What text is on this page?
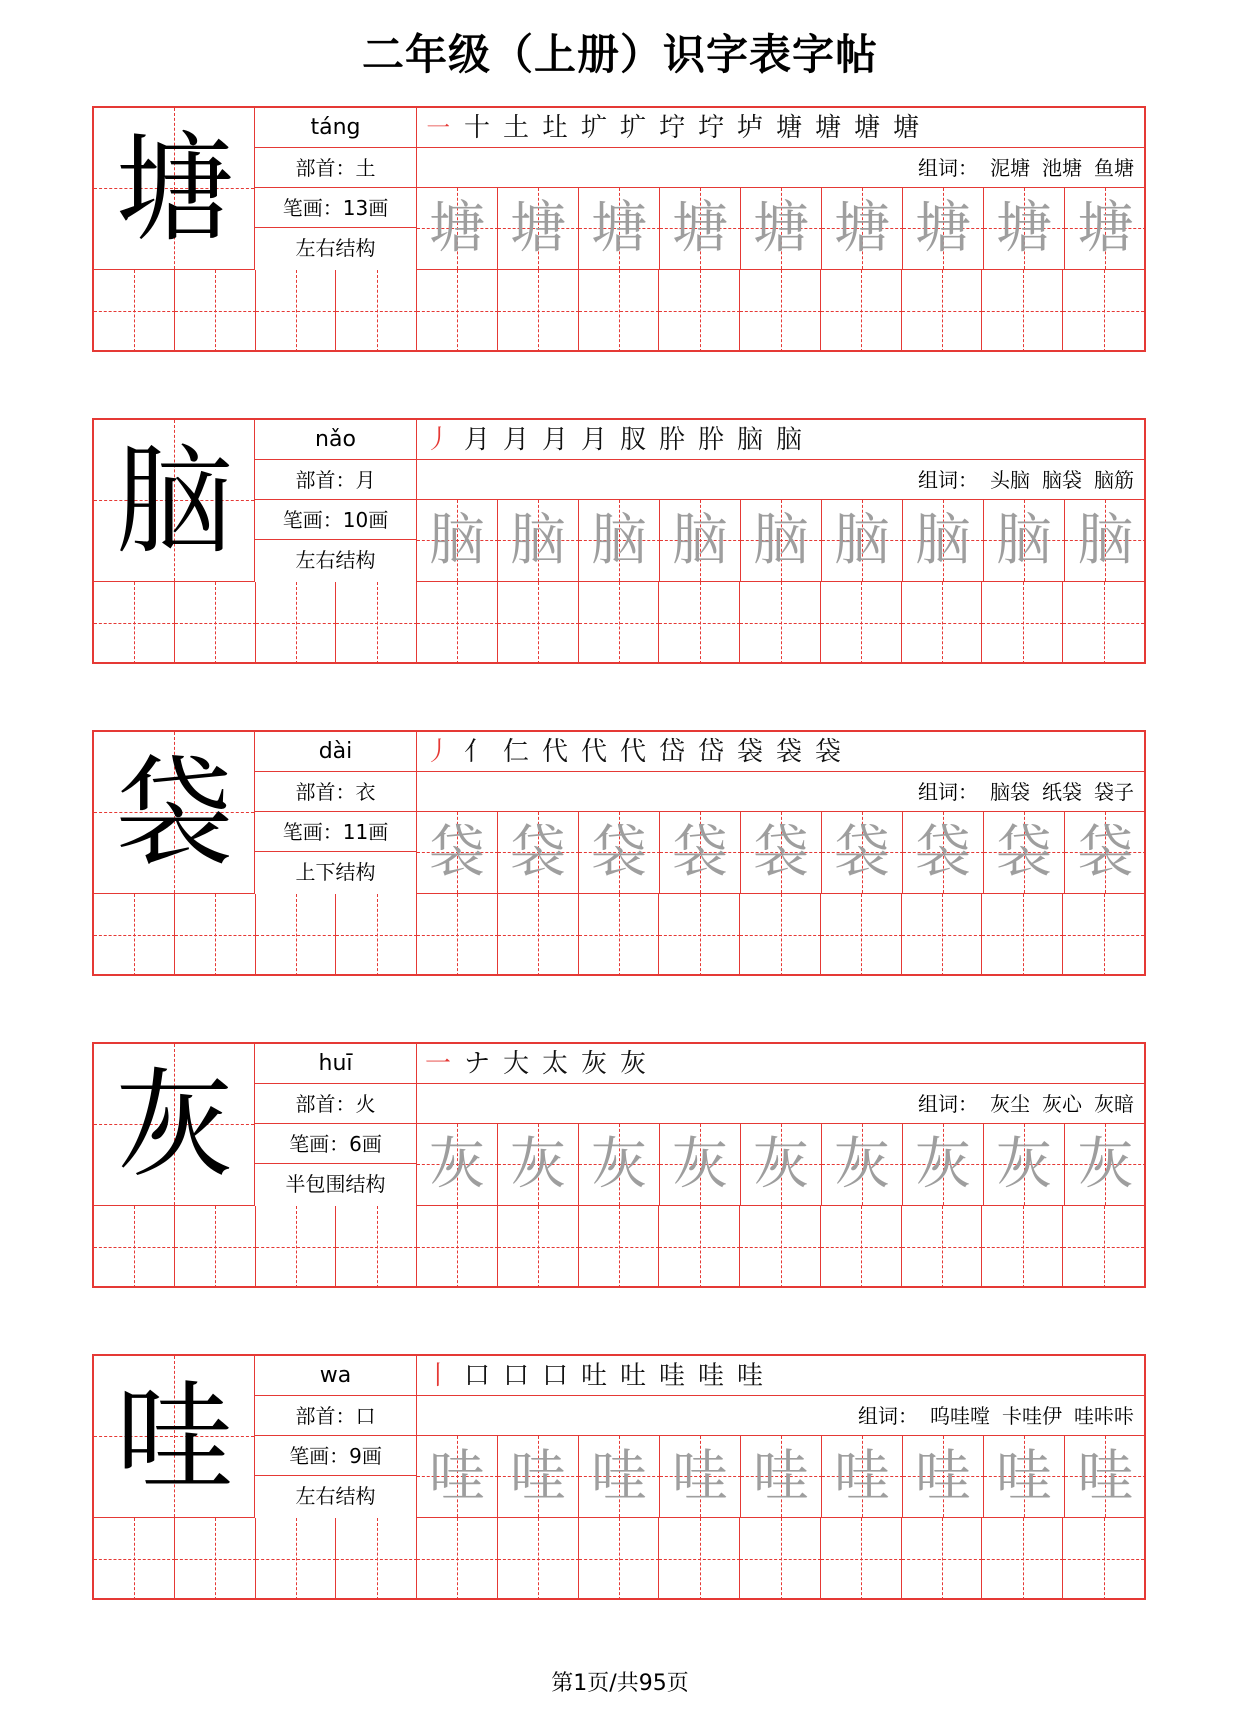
二年级（上册）识字表字帖
塘	táng
部首：土
笔画：13画
左右结构
㇐ 十 土 圵 圹 圹 坾 坾 垆 塘 塘 塘 塘
组词： 泥塘 池塘 鱼塘
塘 塘 塘 塘 塘 塘 塘 塘 塘
脑	nǎo
部首：月
笔画：10画
左右结构
丿 月 月 月 月 肞 肸 肸 脑 脑
组词： 头脑 脑袋 脑筋
脑 脑 脑 脑 脑 脑 脑 脑 脑
袋	dài
部首：衣
笔画：11画
上下结构
丿 亻 仁 代 代 代 岱 岱 袋 袋 袋
组词： 脑袋 纸袋 袋子
袋 袋 袋 袋 袋 袋 袋 袋 袋
灰	huī
部首：火
笔画：6画
半包围结构
一 ナ 大 太 灰 灰
组词： 灰尘 灰心 灰暗
灰 灰 灰 灰 灰 灰 灰 灰 灰
哇	wa
部首：口
笔画：9画
左右结构
丨 口 口 口 吐 吐 哇 哇 哇
组词： 呜哇嘡 卡哇伊 哇咔咔
哇 哇 哇 哇 哇 哇 哇 哇 哇
第1页/共95页
